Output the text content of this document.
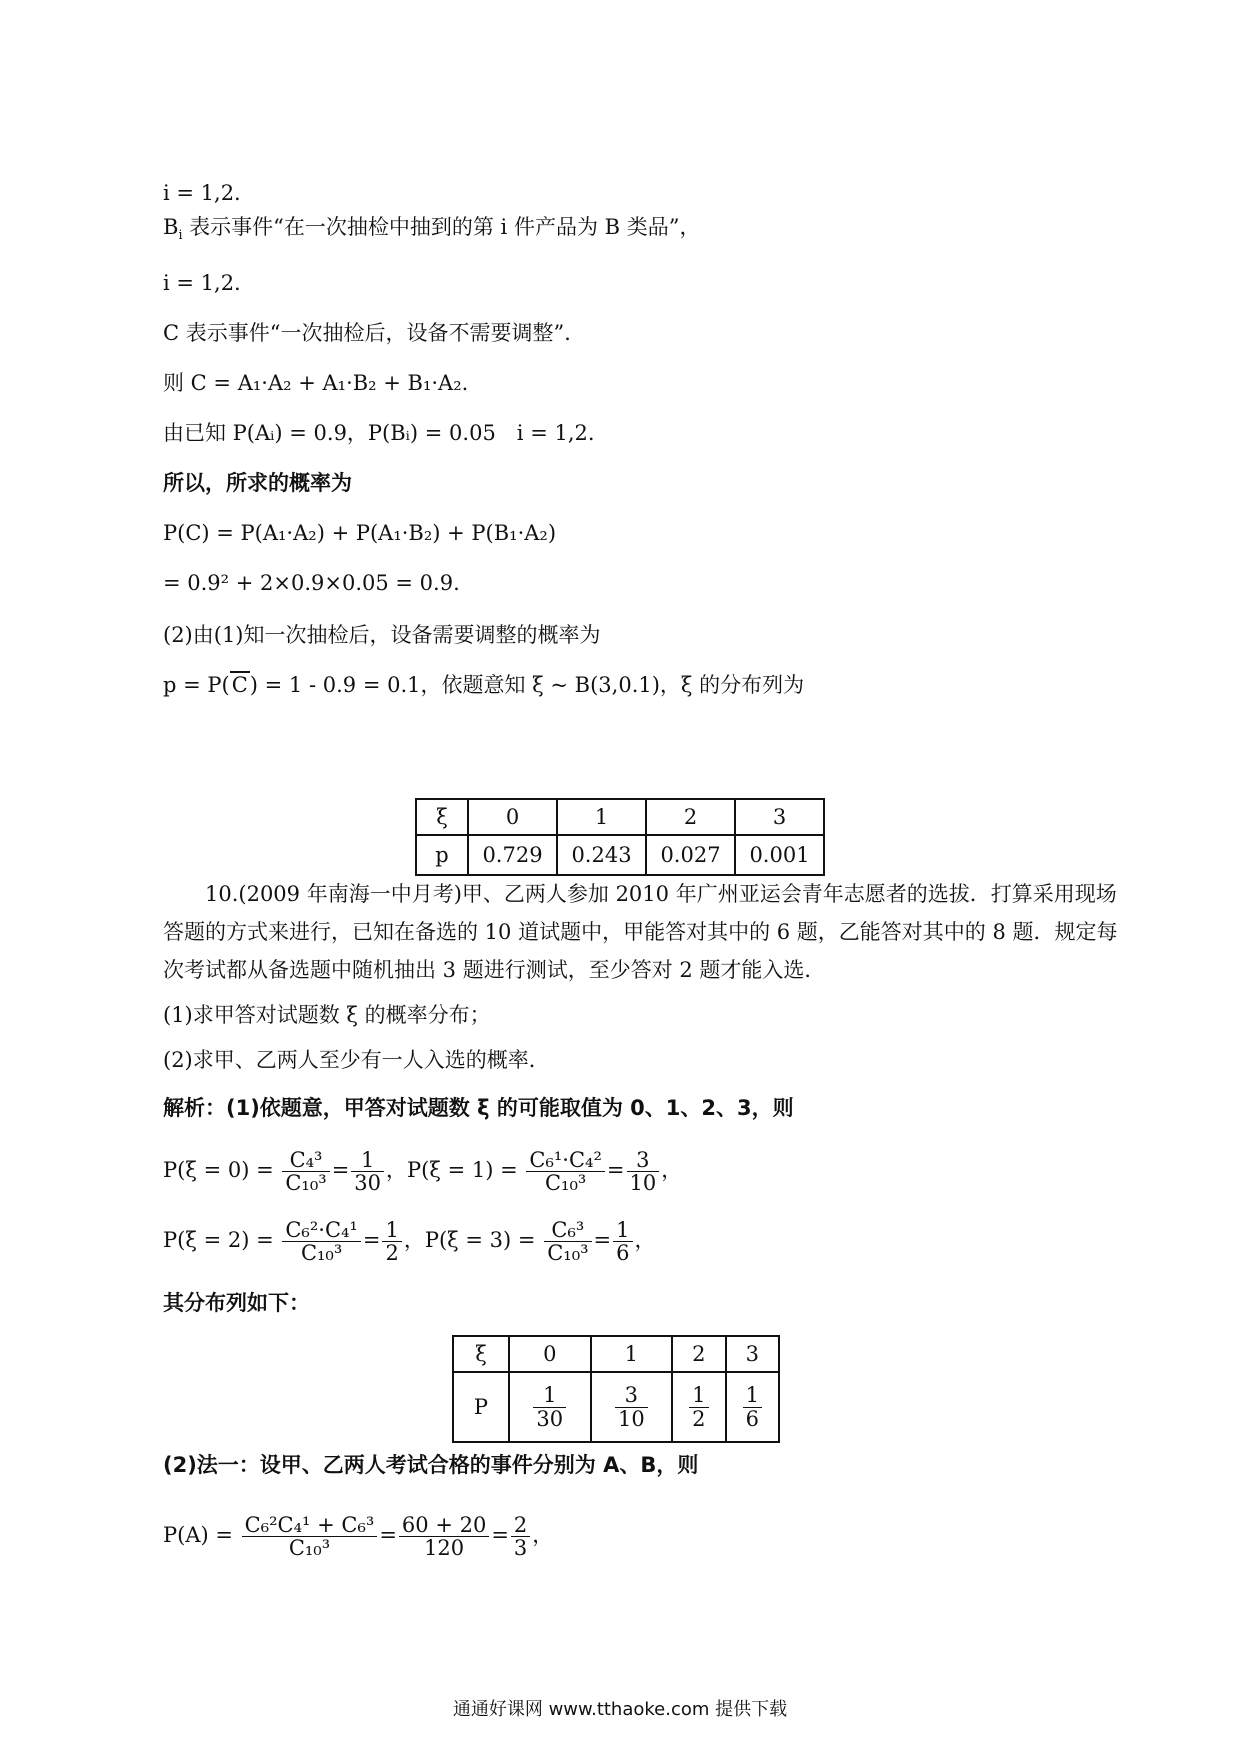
i = 1,2.
$B_i$ 表示事件“在一次抽检中抽到的第 i 件产品为 B 类品”，
i = 1,2.
C 表示事件“一次抽检后，设备不需要调整”．
则 C = A₁·A₂ + A₁·B₂ + B₁·A₂.
由已知 P(Aᵢ) = 0.9，P(Bᵢ) = 0.05　i = 1,2.
所以，所求的概率为
P(C) = P(A₁·A₂) + P(A₁·B₂) + P(B₁·A₂)
= 0.9² + 2×0.9×0.05 = 0.9.
(2)由(1)知一次抽检后，设备需要调整的概率为
p = P(C) = 1 - 0.9 = 0.1，依题意知 ξ ~ B(3,0.1)，ξ 的分布列为
ξ	0	1	2	3
p	0.729	0.243	0.027	0.001
10.(2009 年南海一中月考)甲、乙两人参加 2010 年广州亚运会青年志愿者的选拔．打算采用现场答题的方式来进行，已知在备选的 10 道试题中，甲能答对其中的 6 题，乙能答对其中的 8 题．规定每次考试都从备选题中随机抽出 3 题进行测试，至少答对 2 题才能入选．
(1)求甲答对试题数 ξ 的概率分布；
(2)求甲、乙两人至少有一人入选的概率．
解析：(1)依题意，甲答对试题数 ξ 的可能取值为 0、1、2、3，则
$P(\xi = 0) = \frac{\text{C₄³}}{\text{C₁₀³}} = \frac{1}{30}$ ，$P(\xi = 1) = \frac{\text{C₆¹·C₄²}}{\text{C₁₀³}} = \frac{3}{10}$ ，
$P(\xi = 2) = \frac{\text{C₆²·C₄¹}}{\text{C₁₀³}} = \frac{1}{2}$ ，$P(\xi = 3) = \frac{\text{C₆³}}{\text{C₁₀³}} = \frac{1}{6}$ ，
其分布列如下：
ξ	0	1	2	3
P	$\frac{1}{30}$	$\frac{3}{10}$	$\frac{1}{2}$	$\frac{1}{6}$
(2)法一：设甲、乙两人考试合格的事件分别为 A、B，则
$P(A) = \frac{\text{C₆²C₄¹ + C₆³}}{\text{C₁₀³}} = \frac{60 + 20}{120} = \frac{2}{3}$ ，
通通好课网 www.tthaoke.com 提供下载
